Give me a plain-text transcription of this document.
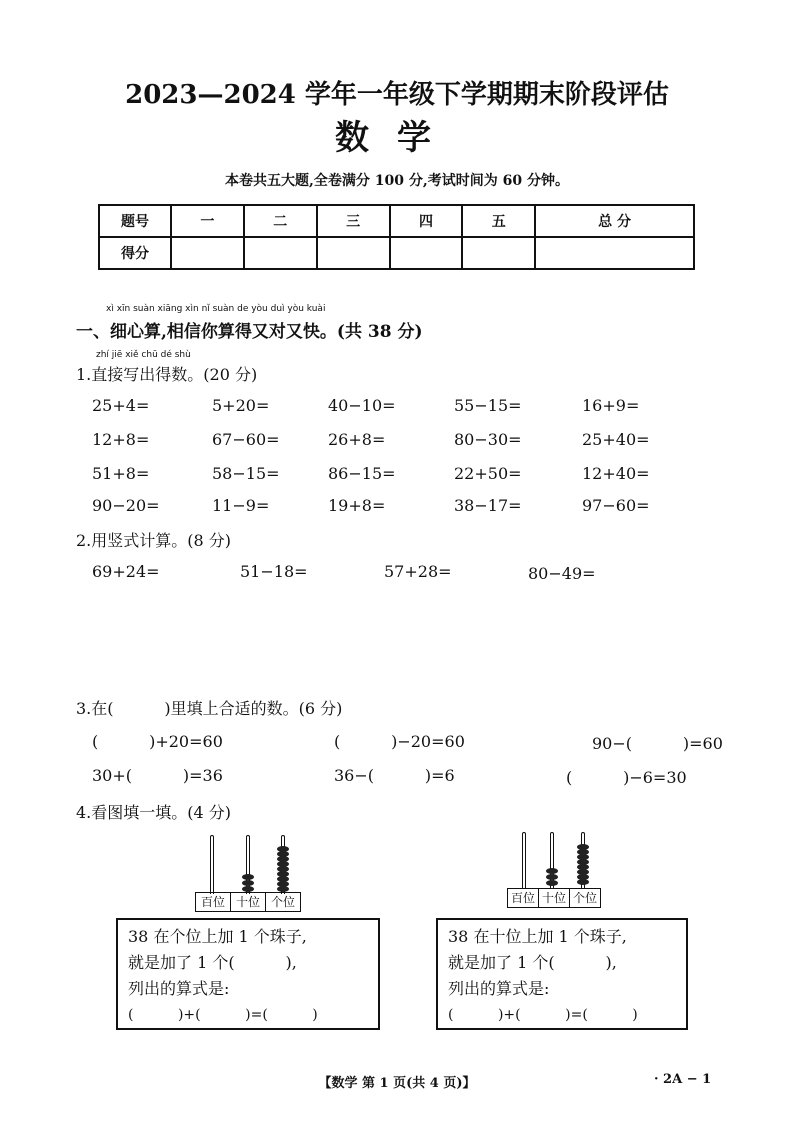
2023—2024 学年一年级下学期期末阶段评估
数学
本卷共五大题,全卷满分 100 分,考试时间为 60 分钟。
题号	一	二	三	四	五	总 分
得分						
xì xīn suàn xiāng xìn nǐ suàn de yòu duì yòu kuài
一、细心算,相信你算得又对又快。(共 38 分)
zhí jiē xiě chū dé shù
1.直接写出得数。(20 分)
25+4=	5+20=	40−10=	55−15=	16+9=
12+8=	67−60=	26+8=	80−30=	25+40=
51+8=	58−15=	86−15=	22+50=	12+40=
90−20=	11−9=	19+8=	38−17=	97−60=
2.用竖式计算。(8 分)
69+24=	51−18=	57+28=	80−49=
3.在(          )里填上合适的数。(6 分)
(          )+20=60	(          )−20=60	90−(          )=60
30+(          )=36	36−(          )=6	(          )−6=30
4.看图填一填。(4 分)
百位 十位 个位	百位 十位 个位
38 在个位上加 1 个珠子,
就是加了 1 个(          ),
列出的算式是:
(          )+(          )=(          )
38 在十位上加 1 个珠子,
就是加了 1 个(          ),
列出的算式是:
(          )+(          )=(          )
【数学 第 1 页(共 4 页)】	· 2A − 1
